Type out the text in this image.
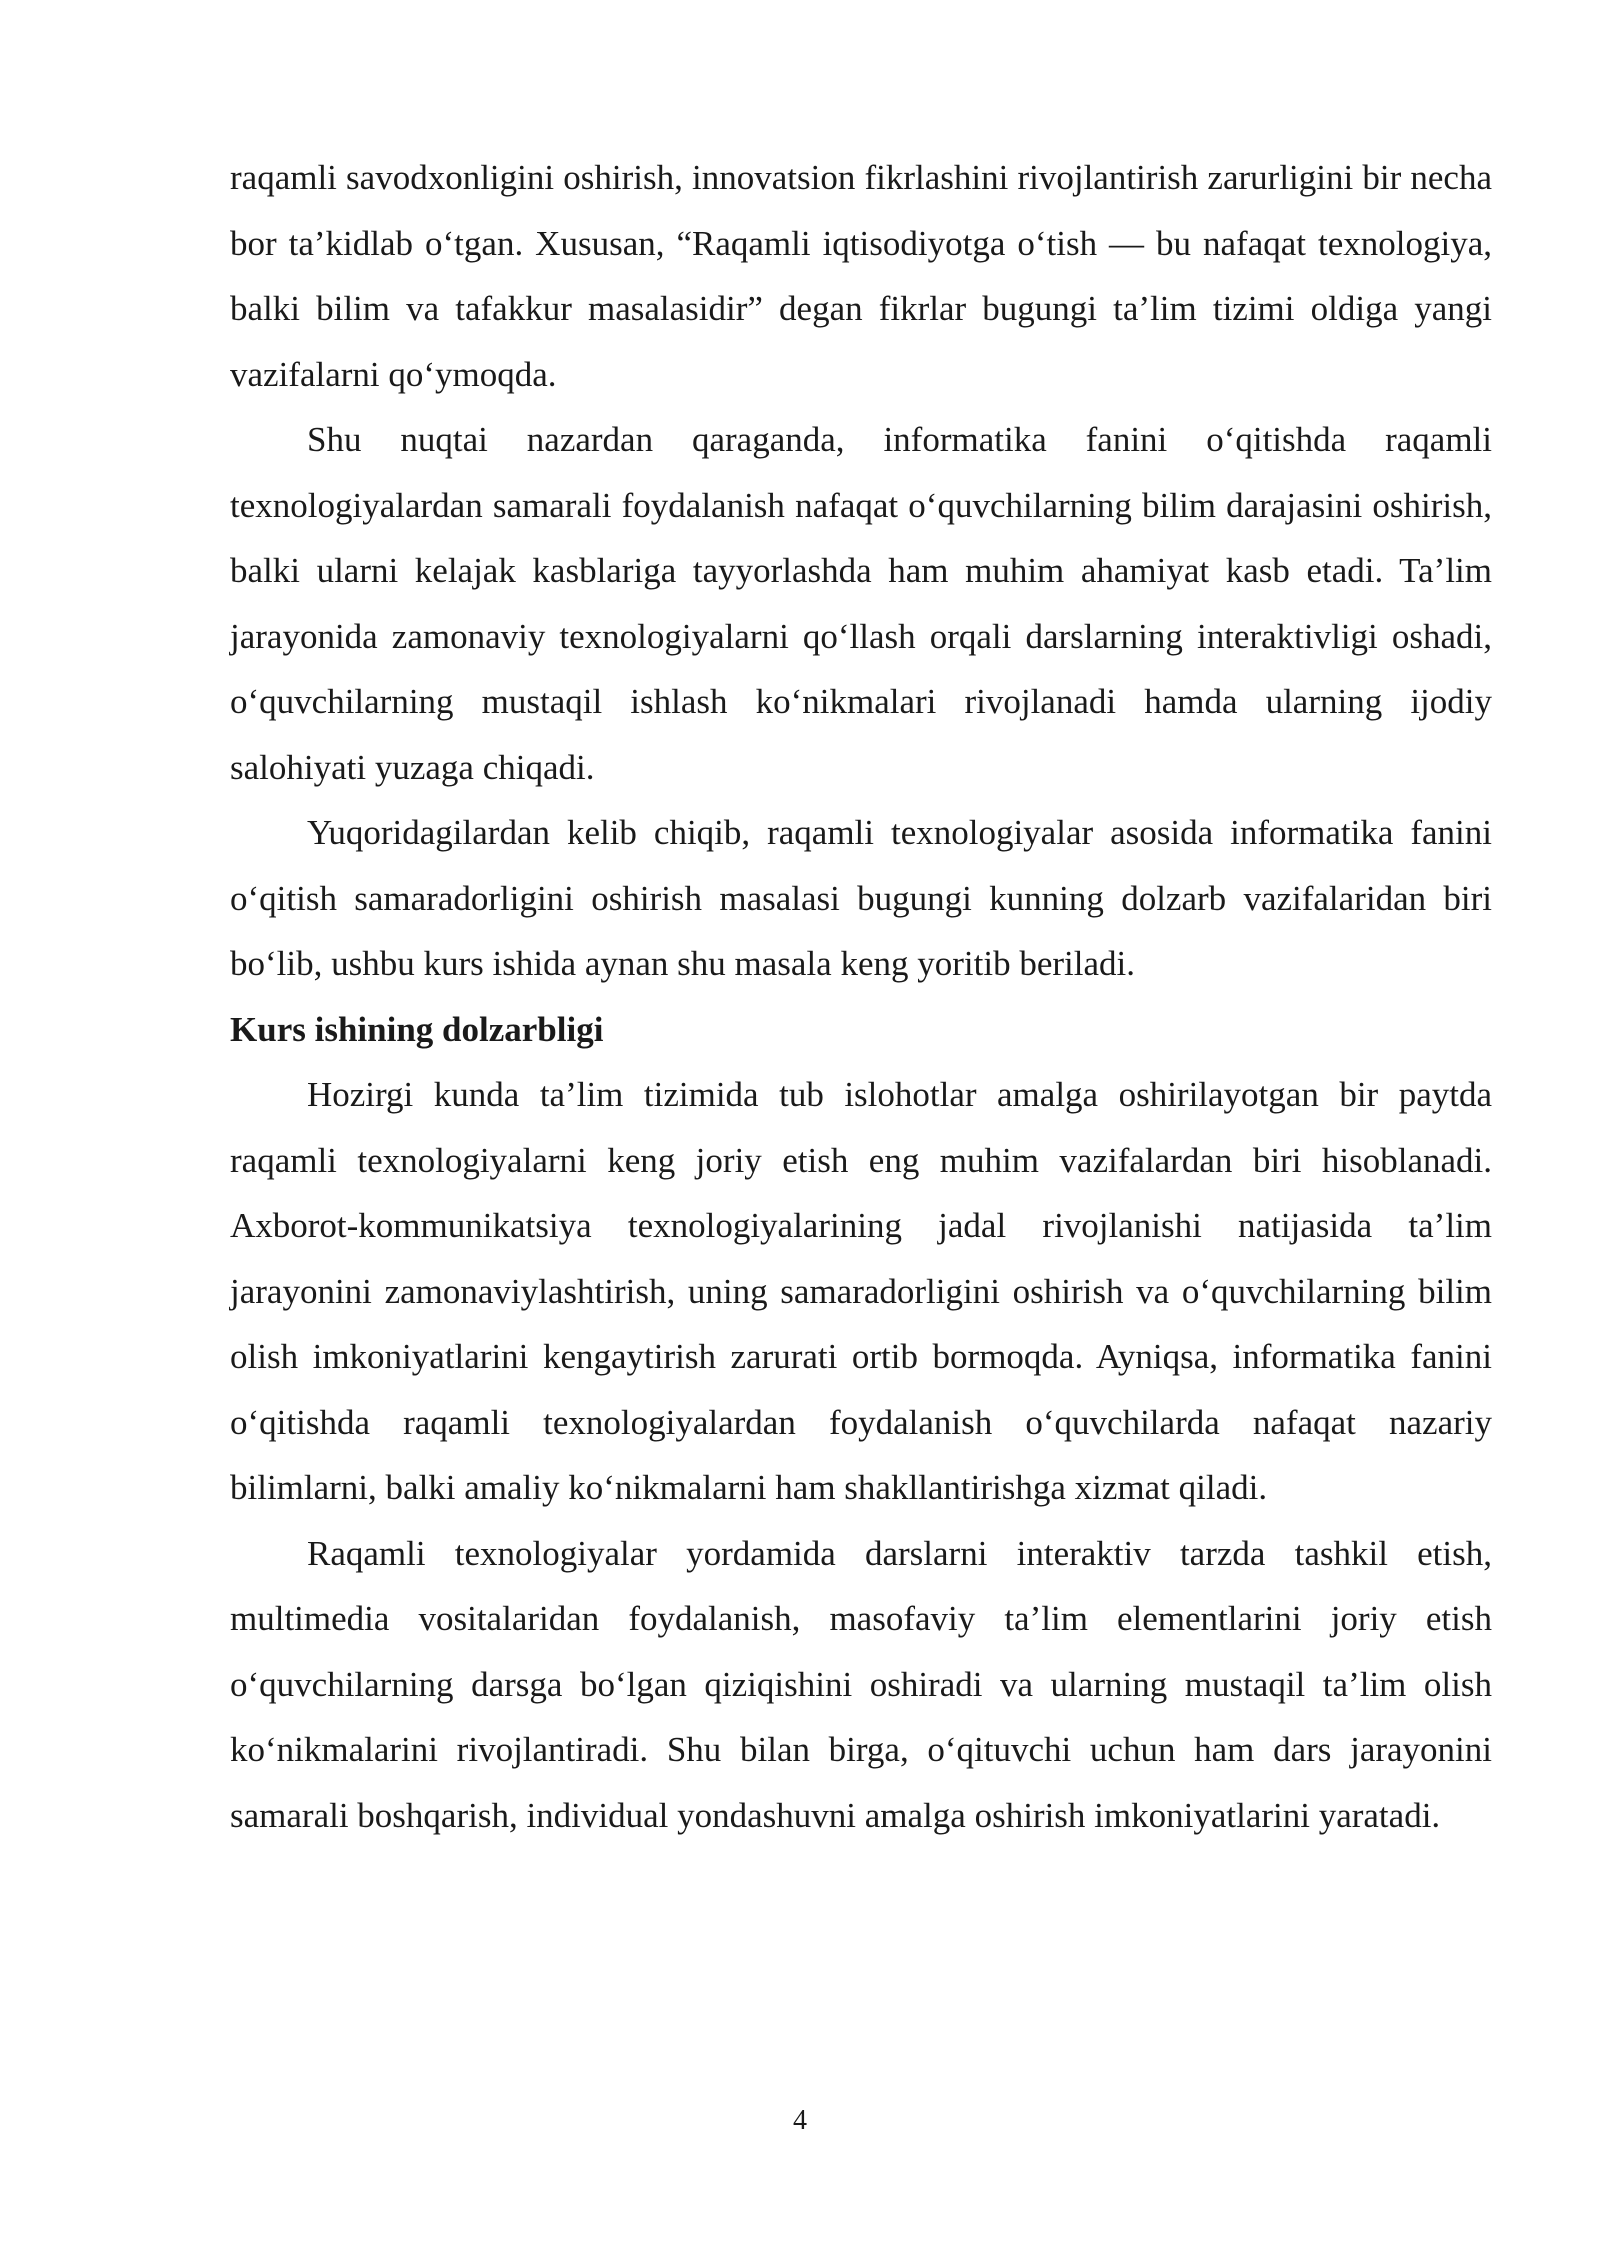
raqamli savodxonligini oshirish, innovatsion fikrlashini rivojlantirish zarurligini bir necha bor ta’kidlab o‘tgan. Xususan, “Raqamli iqtisodiyotga o‘tish — bu nafaqat texnologiya, balki bilim va tafakkur masalasidir” degan fikrlar bugungi ta’lim tizimi oldiga yangi vazifalarni qo‘ymoqda.

Shu nuqtai nazardan qaraganda, informatika fanini o‘qitishda raqamli texnologiyalardan samarali foydalanish nafaqat o‘quvchilarning bilim darajasini oshirish, balki ularni kelajak kasblariga tayyorlashda ham muhim ahamiyat kasb etadi. Ta’lim jarayonida zamonaviy texnologiyalarni qo‘llash orqali darslarning interaktivligi oshadi, o‘quvchilarning mustaqil ishlash ko‘nikmalari rivojlanadi hamda ularning ijodiy salohiyati yuzaga chiqadi.

Yuqoridagilardan kelib chiqib, raqamli texnologiyalar asosida informatika fanini o‘qitish samaradorligini oshirish masalasi bugungi kunning dolzarb vazifalaridan biri bo‘lib, ushbu kurs ishida aynan shu masala keng yoritib beriladi.

Kurs ishining dolzarbligi

Hozirgi kunda ta’lim tizimida tub islohotlar amalga oshirilayotgan bir paytda raqamli texnologiyalarni keng joriy etish eng muhim vazifalardan biri hisoblanadi. Axborot-kommunikatsiya texnologiyalarining jadal rivojlanishi natijasida ta’lim jarayonini zamonaviylashtirish, uning samaradorligini oshirish va o‘quvchilarning bilim olish imkoniyatlarini kengaytirish zarurati ortib bormoqda. Ayniqsa, informatika fanini o‘qitishda raqamli texnologiyalardan foydalanish o‘quvchilarda nafaqat nazariy bilimlarni, balki amaliy ko‘nikmalarni ham shakllantirishga xizmat qiladi.

Raqamli texnologiyalar yordamida darslarni interaktiv tarzda tashkil etish, multimedia vositalaridan foydalanish, masofaviy ta’lim elementlarini joriy etish o‘quvchilarning darsga bo‘lgan qiziqishini oshiradi va ularning mustaqil ta’lim olish ko‘nikmalarini rivojlantiradi. Shu bilan birga, o‘qituvchi uchun ham dars jarayonini samarali boshqarish, individual yondashuvni amalga oshirish imkoniyatlarini yaratadi.

4
